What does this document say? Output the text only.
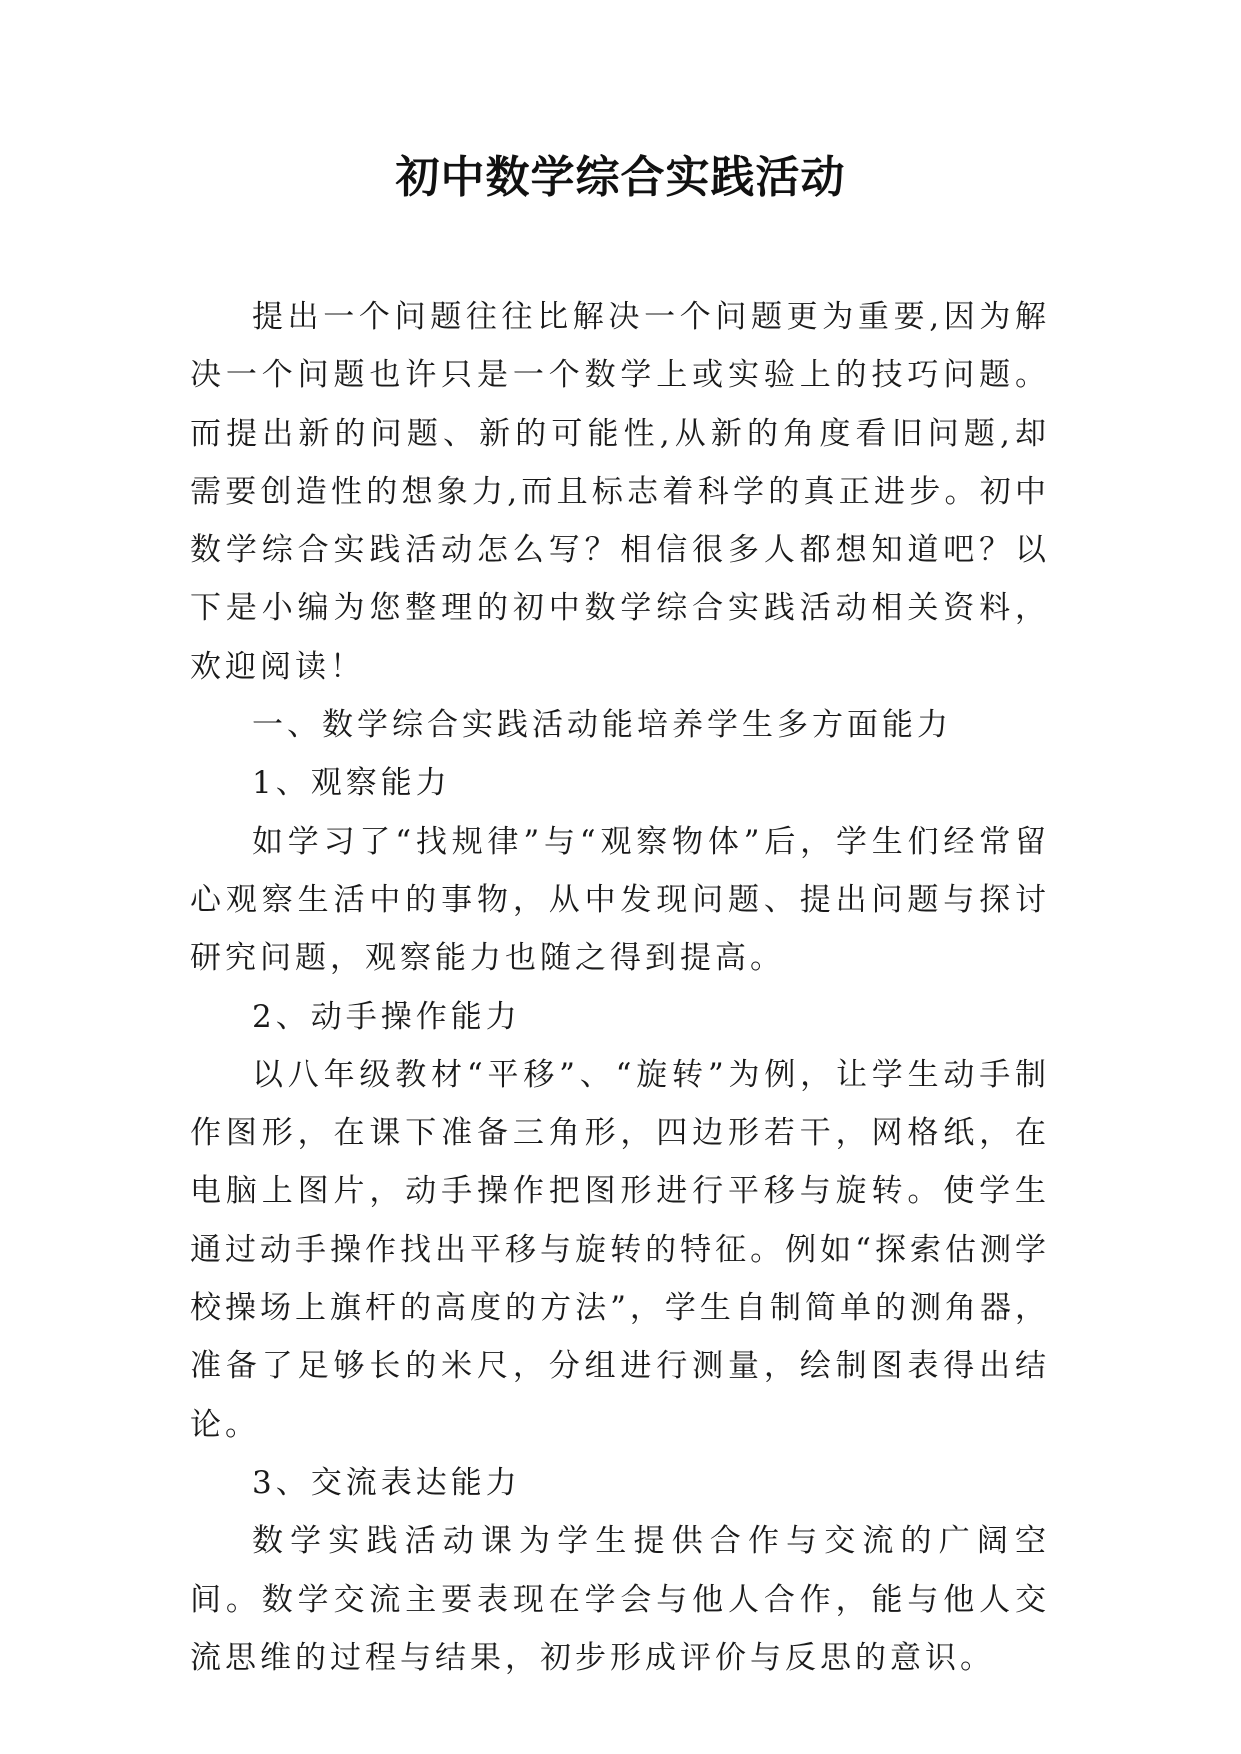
初中数学综合实践活动

提出一个问题往往比解决一个问题更为重要,因为解决一个问题也许只是一个数学上或实验上的技巧问题。而提出新的问题、新的可能性,从新的角度看旧问题,却需要创造性的想象力,而且标志着科学的真正进步。初中数学综合实践活动怎么写？相信很多人都想知道吧？以下是小编为您整理的初中数学综合实践活动相关资料，欢迎阅读！

一、数学综合实践活动能培养学生多方面能力

1、观察能力

如学习了“找规律”与“观察物体”后，学生们经常留心观察生活中的事物，从中发现问题、提出问题与探讨研究问题，观察能力也随之得到提高。

2、动手操作能力

以八年级教材“平移”、“旋转”为例，让学生动手制作图形，在课下准备三角形，四边形若干，网格纸，在电脑上图片，动手操作把图形进行平移与旋转。使学生通过动手操作找出平移与旋转的特征。例如“探索估测学校操场上旗杆的高度的方法”，学生自制简单的测角器，准备了足够长的米尺，分组进行测量，绘制图表得出结论。

3、交流表达能力

数学实践活动课为学生提供合作与交流的广阔空间。数学交流主要表现在学会与他人合作，能与他人交流思维的过程与结果，初步形成评价与反思的意识。
